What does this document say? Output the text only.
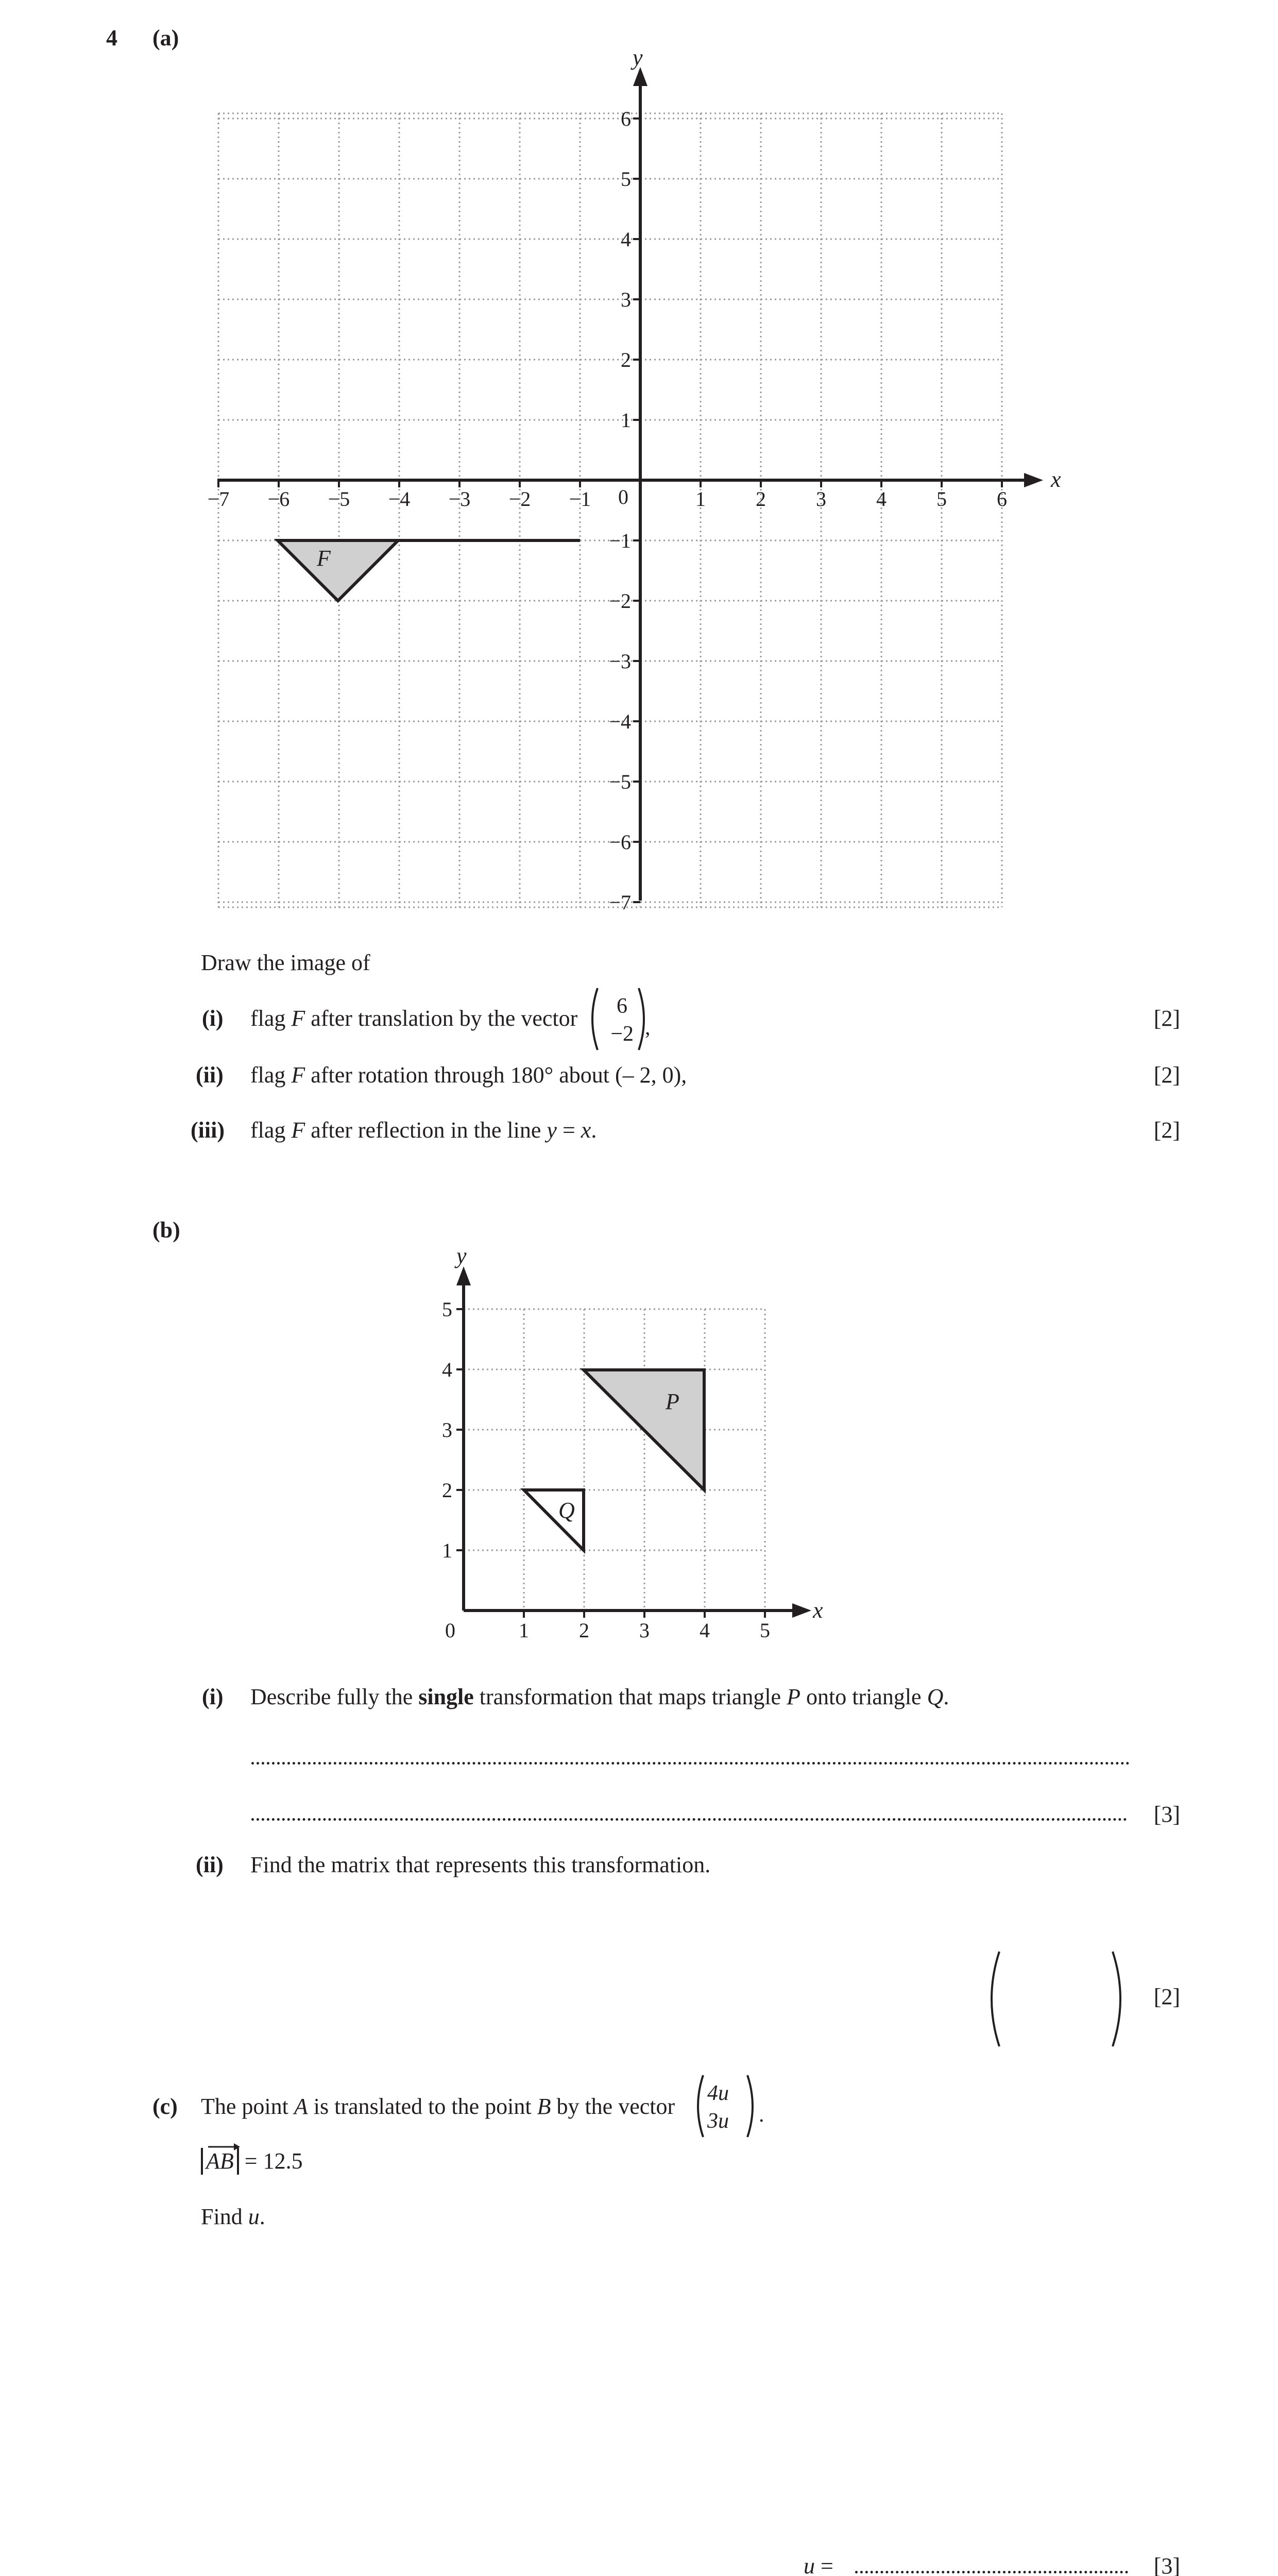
4 (a)
−7 −6 −5 −4 −3 −2 −1	1 2 3 4 5 6
6
5
4
3
2
1
−1
−2
−3
−4
−5
−6
−7
x
y
0
F
Draw the image of
(i) flag F after translation by the vector 6
−2 ,	[2]
(ii) flag F after rotation through 180° about (– 2, 0),	[2]
(iii) flag F after reflection in the line y = x.	[2]
(b)
1 2 3 4 5
5
4
3
2
1
x
y
0
P
Q
(i) Describe fully the single transformation that maps triangle P onto triangle Q.
[3]
(ii) Find the matrix that represents this transformation.
[2]
(c) The point A is translated to the point B by the vector
4u
3u .
AB = 12.5
Find u.
u =	[3]
